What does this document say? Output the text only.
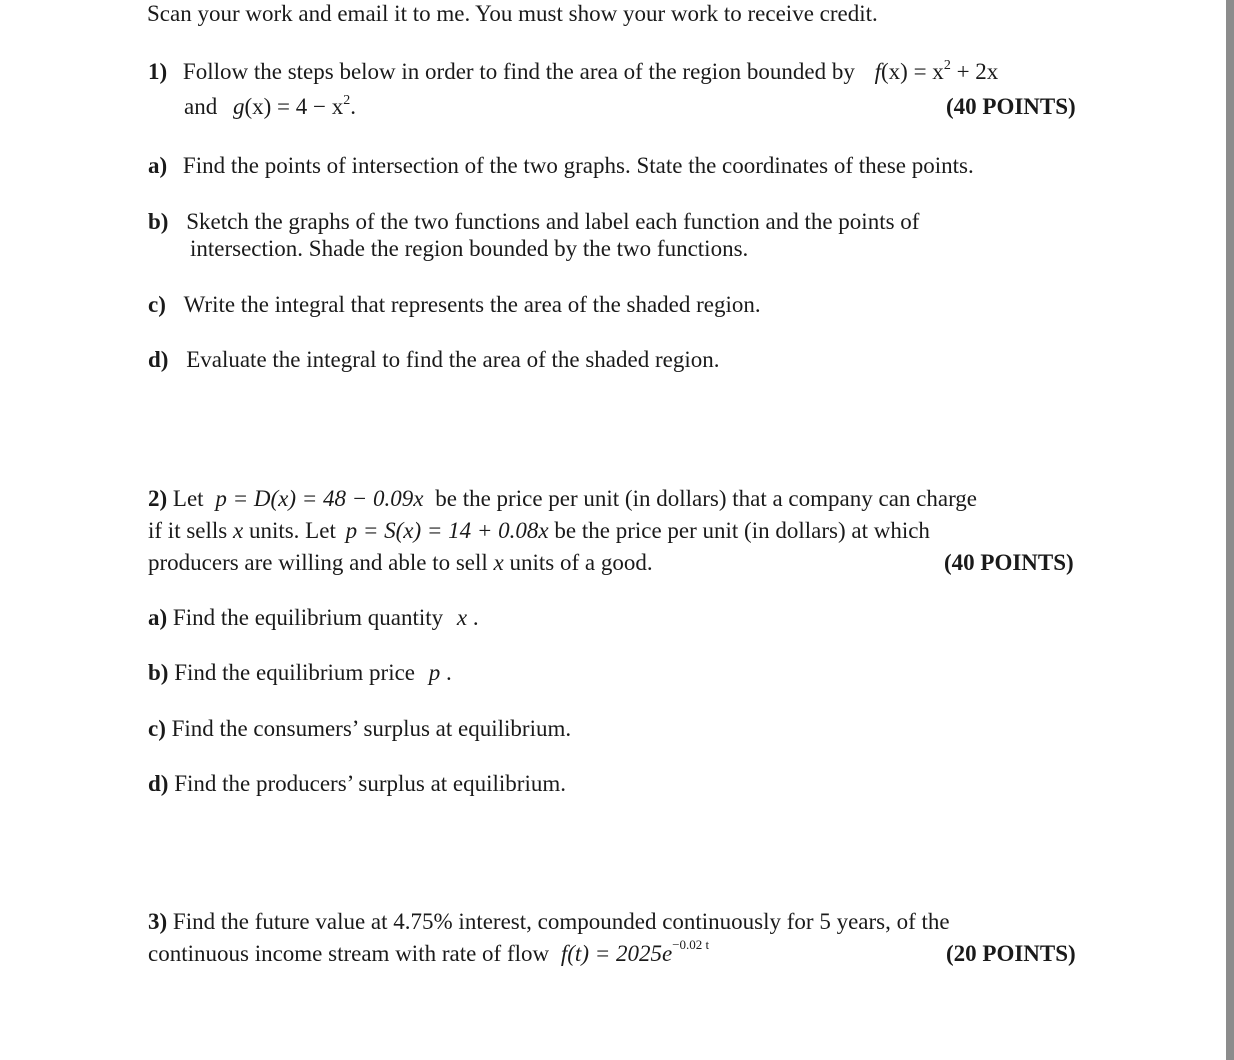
Scan your work and email it to me. You must show your work to receive credit.
1) Follow the steps below in order to find the area of the region bounded by $f(x) = x^2 + 2x$
and $g(x) = 4 - x^2$.	(40 POINTS)
a) Find the points of intersection of the two graphs. State the coordinates of these points.
b) Sketch the graphs of the two functions and label each function and the points of
intersection. Shade the region bounded by the two functions.
c) Write the integral that represents the area of the shaded region.
d) Evaluate the integral to find the area of the shaded region.
2) Let p = D(x) = 48 − 0.09x be the price per unit (in dollars) that a company can charge
if it sells x units. Let p = S(x) = 14 + 0.08x be the price per unit (in dollars) at which
producers are willing and able to sell x units of a good.	(40 POINTS)
a) Find the equilibrium quantity x .
b) Find the equilibrium price p .
c) Find the consumers’ surplus at equilibrium.
d) Find the producers’ surplus at equilibrium.
3) Find the future value at 4.75% interest, compounded continuously for 5 years, of the
continuous income stream with rate of flow $f(t) = 2025e^{-0.02 t}$	(20 POINTS)
